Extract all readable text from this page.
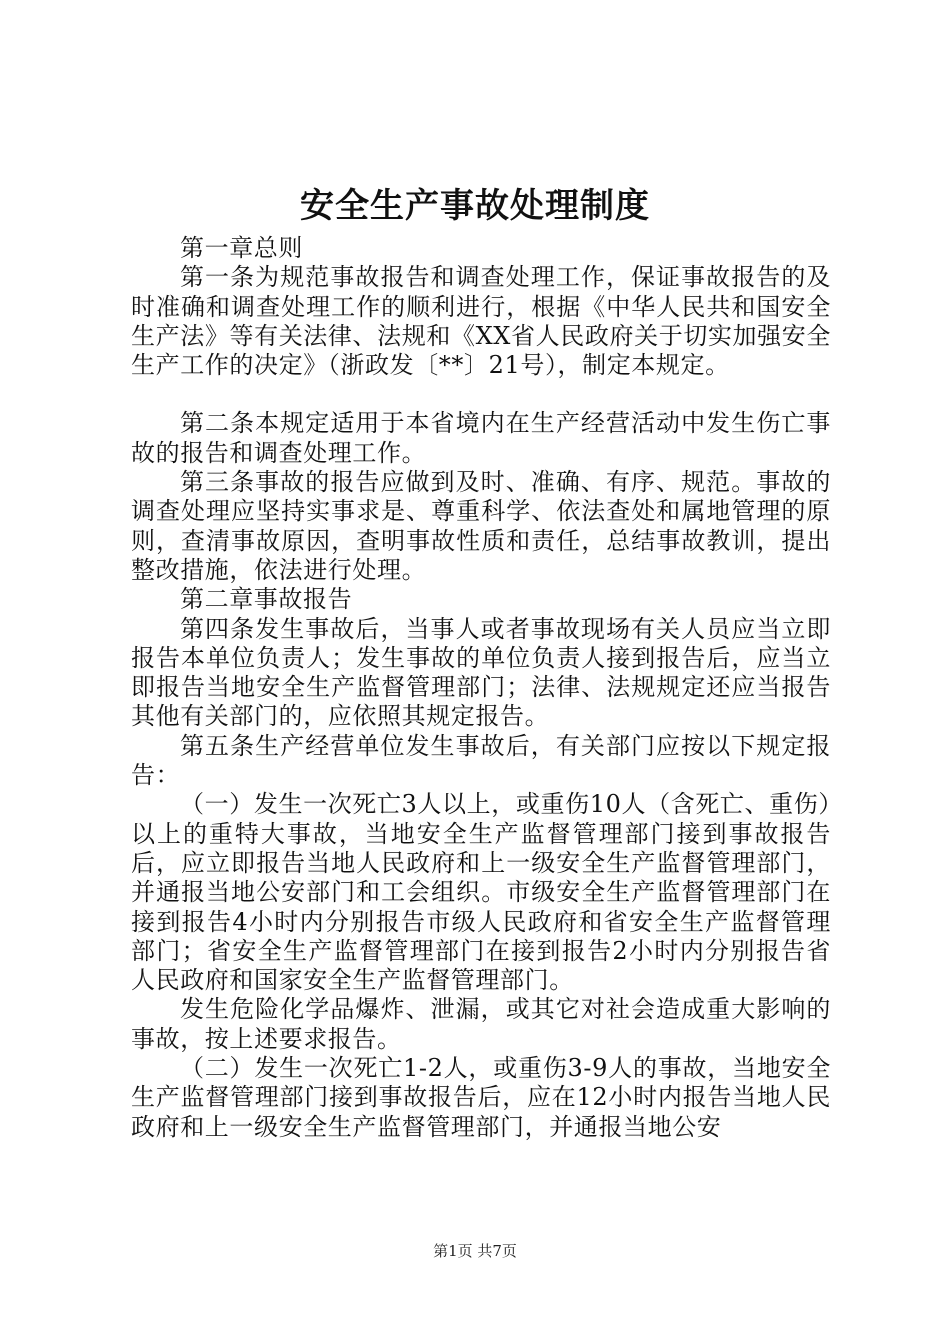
安全生产事故处理制度

第一章总则

第一条为规范事故报告和调查处理工作，保证事故报告的及时准确和调查处理工作的顺利进行，根据《中华人民共和国安全生产法》等有关法律、法规和《XX省人民政府关于切实加强安全生产工作的决定》（浙政发〔**〕21号），制定本规定。

第二条本规定适用于本省境内在生产经营活动中发生伤亡事故的报告和调查处理工作。

第三条事故的报告应做到及时、准确、有序、规范。事故的调查处理应坚持实事求是、尊重科学、依法查处和属地管理的原则，查清事故原因，查明事故性质和责任，总结事故教训，提出整改措施，依法进行处理。

第二章事故报告

第四条发生事故后，当事人或者事故现场有关人员应当立即报告本单位负责人；发生事故的单位负责人接到报告后，应当立即报告当地安全生产监督管理部门；法律、法规规定还应当报告其他有关部门的，应依照其规定报告。

第五条生产经营单位发生事故后，有关部门应按以下规定报告：

（一）发生一次死亡3人以上，或重伤10人（含死亡、重伤）以上的重特大事故，当地安全生产监督管理部门接到事故报告后，应立即报告当地人民政府和上一级安全生产监督管理部门，并通报当地公安部门和工会组织。市级安全生产监督管理部门在接到报告4小时内分别报告市级人民政府和省安全生产监督管理部门；省安全生产监督管理部门在接到报告2小时内分别报告省人民政府和国家安全生产监督管理部门。

发生危险化学品爆炸、泄漏，或其它对社会造成重大影响的事故，按上述要求报告。

（二）发生一次死亡1-2人，或重伤3-9人的事故，当地安全生产监督管理部门接到事故报告后，应在12小时内报告当地人民政府和上一级安全生产监督管理部门，并通报当地公安

第1页 共7页
